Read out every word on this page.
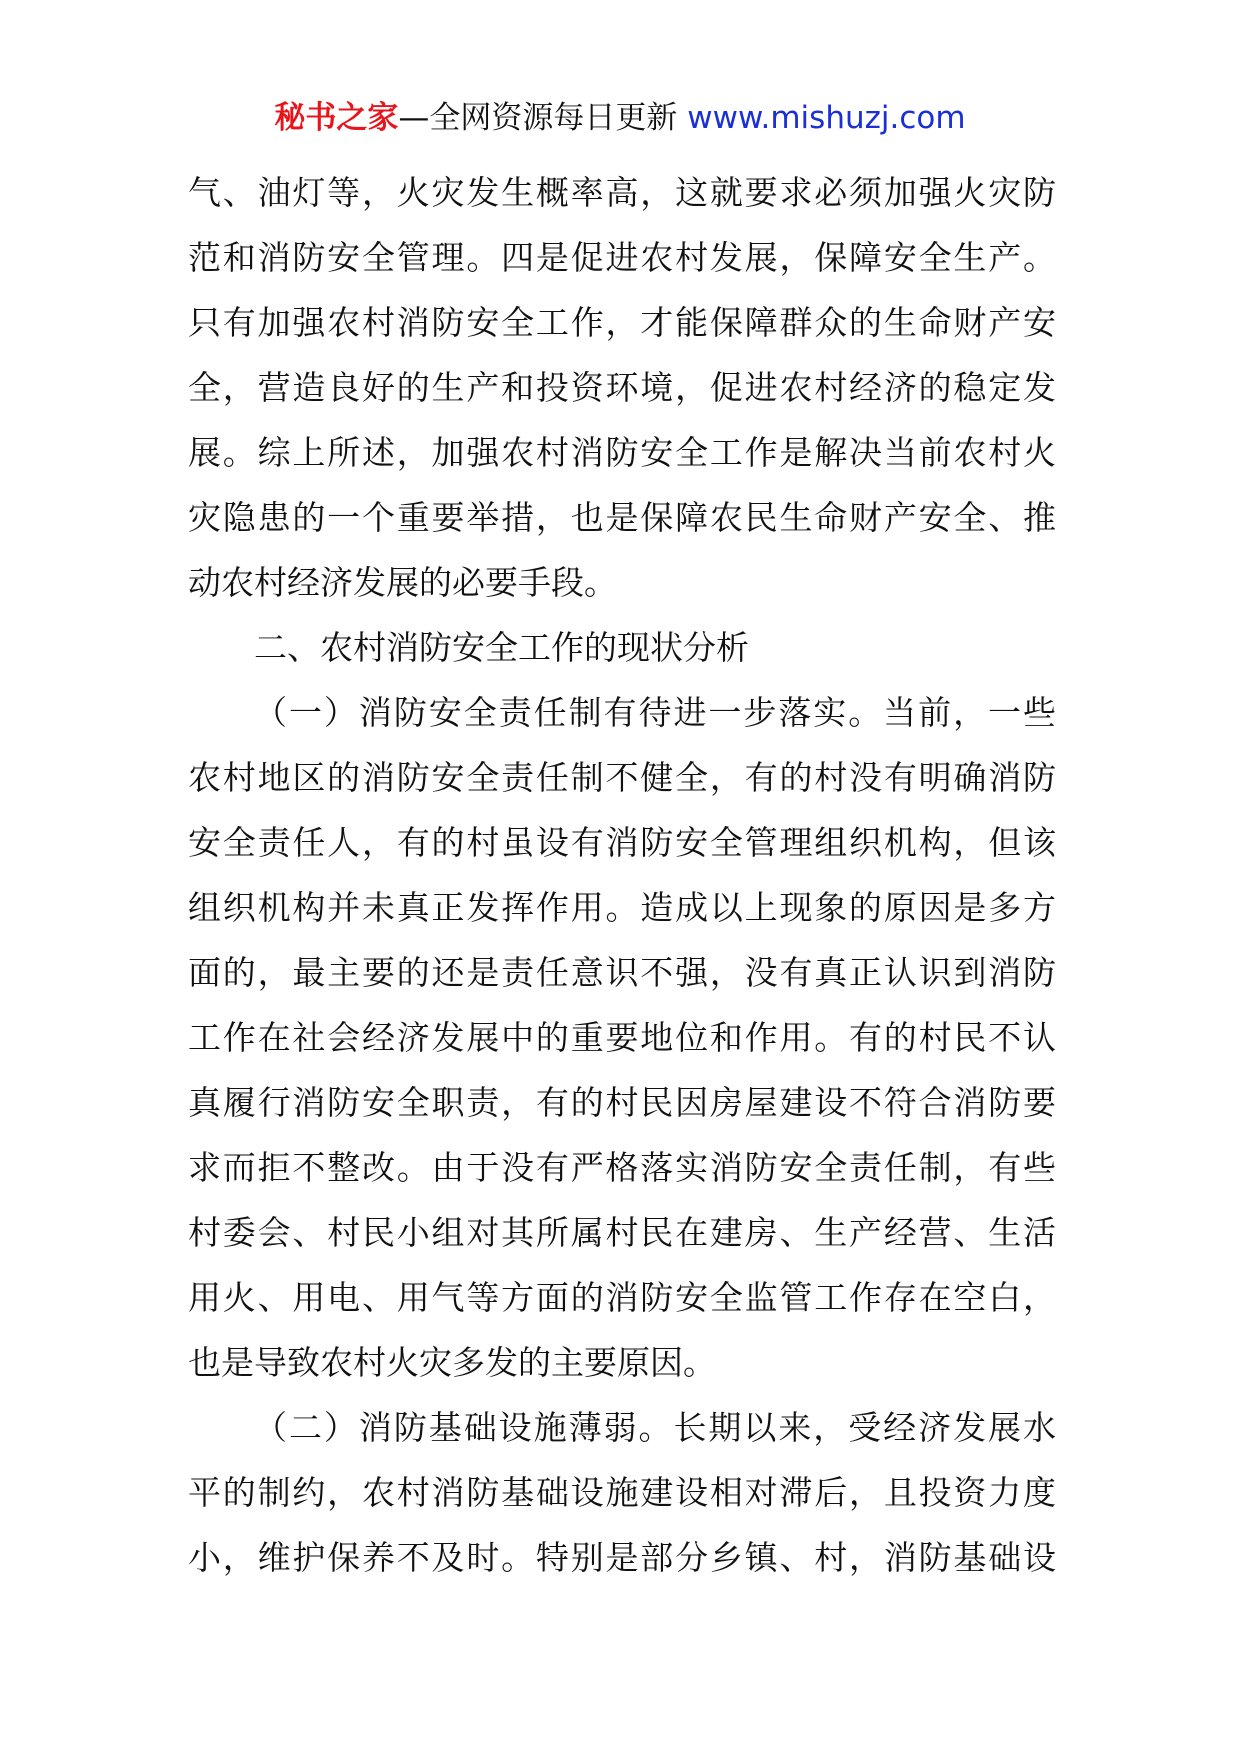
秘书之家—全网资源每日更新 www.mishuzj.com
气、油灯等，火灾发生概率高，这就要求必须加强火灾防
范和消防安全管理。四是促进农村发展，保障安全生产。
只有加强农村消防安全工作，才能保障群众的生命财产安
全，营造良好的生产和投资环境，促进农村经济的稳定发
展。综上所述，加强农村消防安全工作是解决当前农村火
灾隐患的一个重要举措，也是保障农民生命财产安全、推
动农村经济发展的必要手段。
二、农村消防安全工作的现状分析
（一）消防安全责任制有待进一步落实。当前，一些
农村地区的消防安全责任制不健全，有的村没有明确消防
安全责任人，有的村虽设有消防安全管理组织机构，但该
组织机构并未真正发挥作用。造成以上现象的原因是多方
面的，最主要的还是责任意识不强，没有真正认识到消防
工作在社会经济发展中的重要地位和作用。有的村民不认
真履行消防安全职责，有的村民因房屋建设不符合消防要
求而拒不整改。由于没有严格落实消防安全责任制，有些
村委会、村民小组对其所属村民在建房、生产经营、生活
用火、用电、用气等方面的消防安全监管工作存在空白，
也是导致农村火灾多发的主要原因。
（二）消防基础设施薄弱。长期以来，受经济发展水
平的制约，农村消防基础设施建设相对滞后，且投资力度
小，维护保养不及时。特别是部分乡镇、村，消防基础设
